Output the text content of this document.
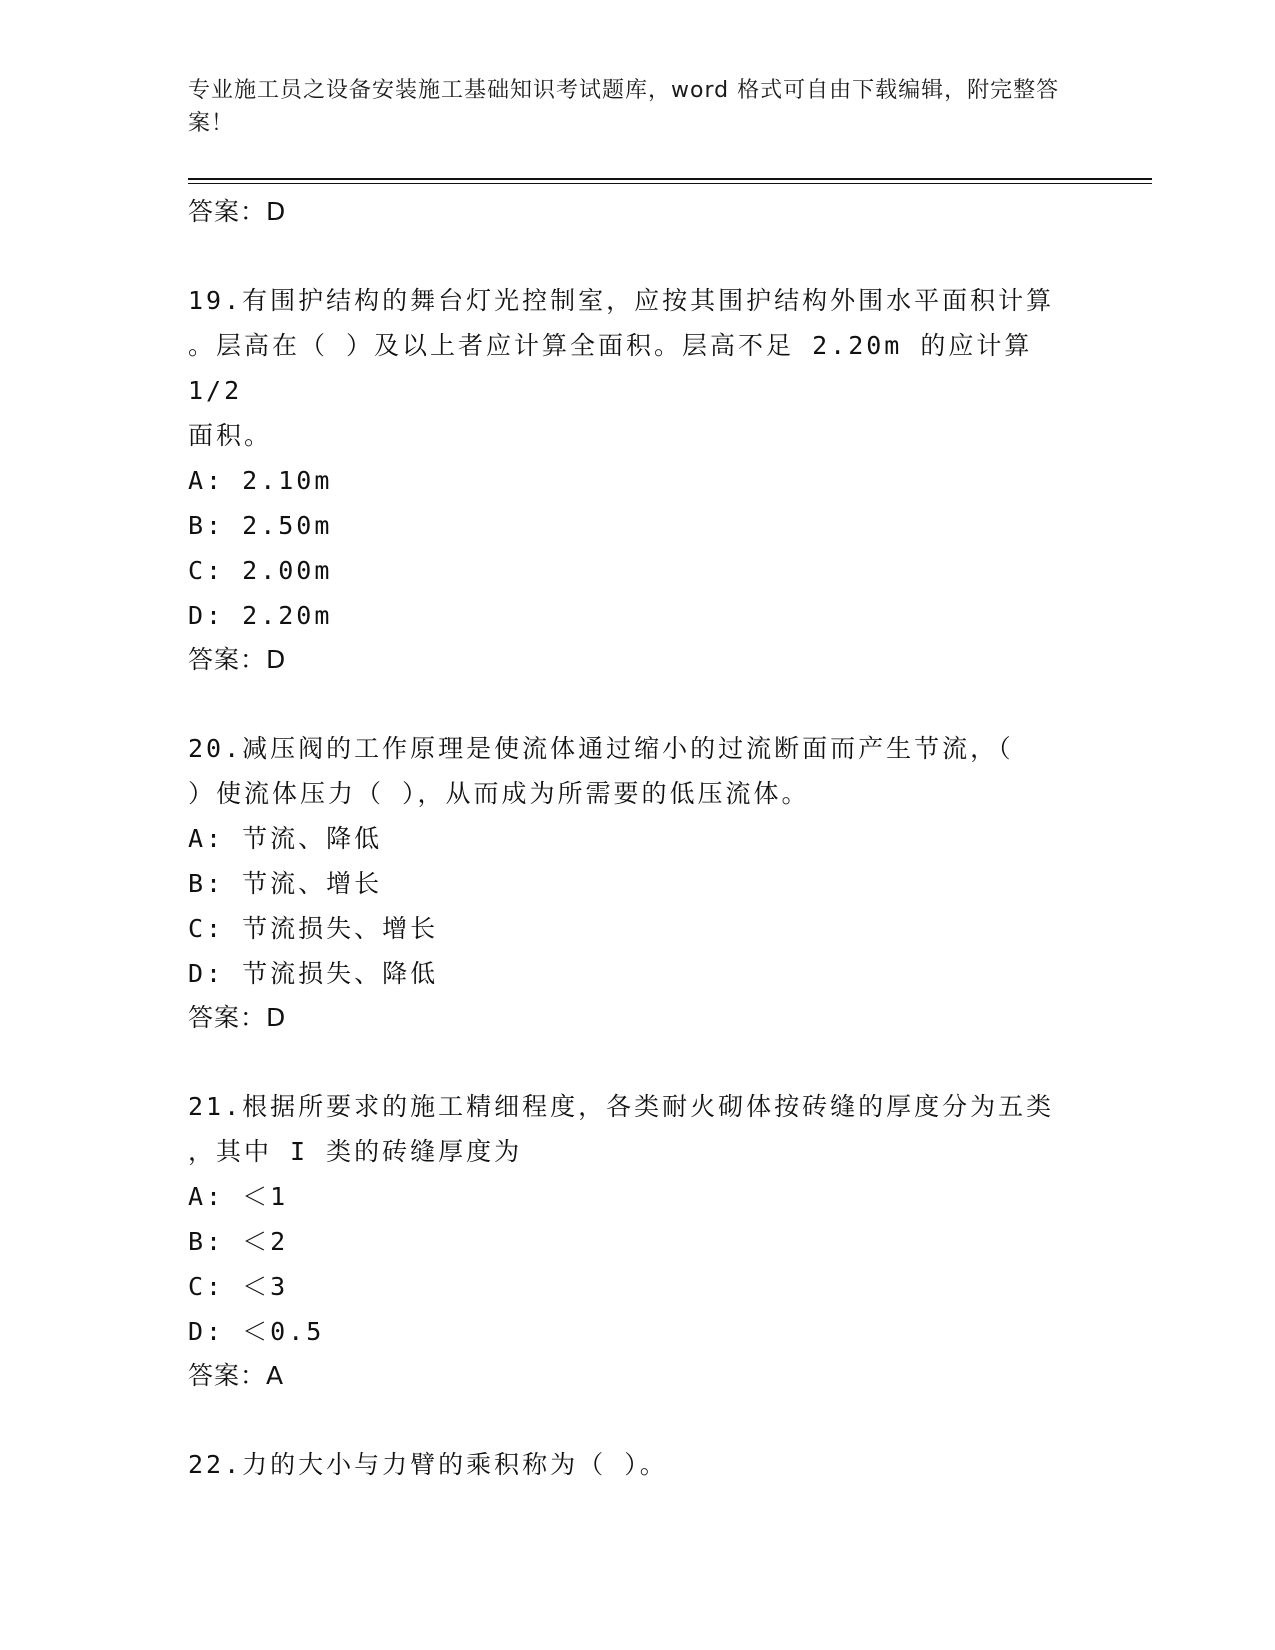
专业施工员之设备安装施工基础知识考试题库，word 格式可自由下载编辑，附完整答案！
答案：D
19.有围护结构的舞台灯光控制室，应按其围护结构外围水平面积计算
。层高在（ ）及以上者应计算全面积。层高不足 2.20m 的应计算 1/2
面积。
A: 2.10m
B: 2.50m
C: 2.00m
D: 2.20m
答案：D
20.减压阀的工作原理是使流体通过缩小的过流断面而产生节流，（
）使流体压力（ ），从而成为所需要的低压流体。
A: 节流、降低
B: 节流、增长
C: 节流损失、增长
D: 节流损失、降低
答案：D
21.根据所要求的施工精细程度，各类耐火砌体按砖缝的厚度分为五类
，其中 I 类的砖缝厚度为
A: ＜1
B: ＜2
C: ＜3
D: ＜0.5
答案：A
22.力的大小与力臂的乘积称为（ ）。
